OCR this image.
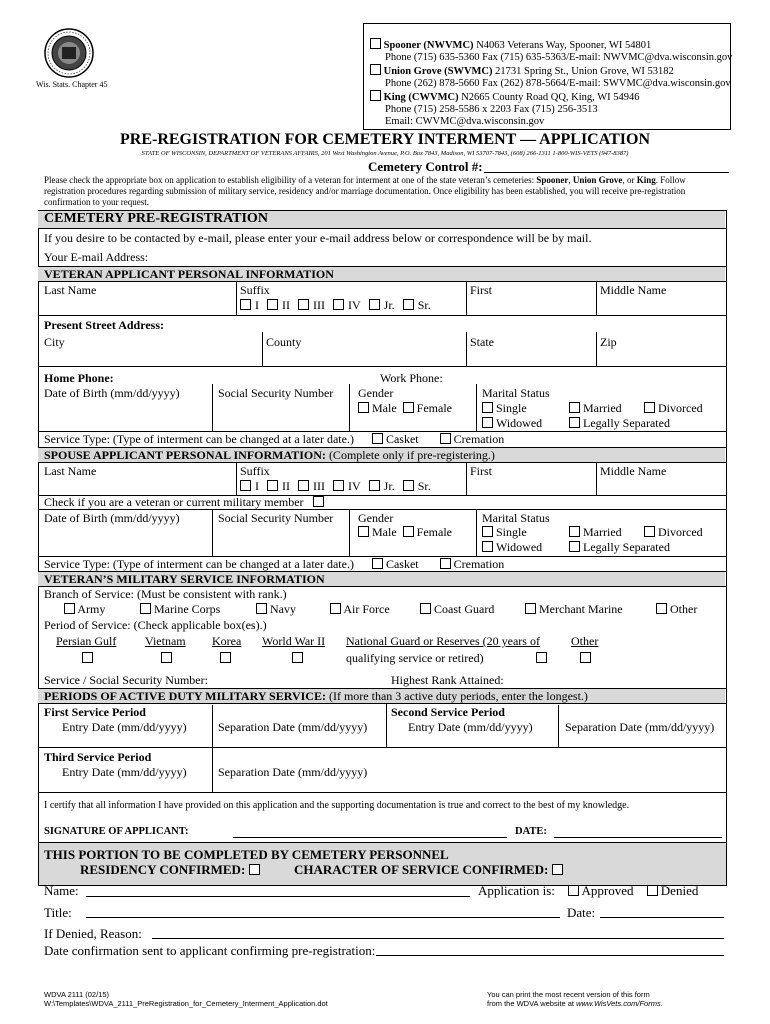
Wis. Stats. Chapter 45
Spooner (NWVMC) N4063 Veterans Way, Spooner, WI 54801
Phone (715) 635-5360 Fax (715) 635-5363/E-mail: NWVMC@dva.wisconsin.gov
Union Grove (SWVMC) 21731 Spring St., Union Grove, WI 53182
Phone (262) 878-5660 Fax (262) 878-5664/E-mail: SWVMC@dva.wisconsin.gov
King (CWVMC) N2665 County Road QQ, King, WI 54946
Phone (715) 258-5586 x 2203 Fax (715) 256-3513
Email: CWVMC@dva.wisconsin.gov
PRE-REGISTRATION FOR CEMETERY INTERMENT — APPLICATION
STATE OF WISCONSIN, DEPARTMENT OF VETERANS AFFAIRS, 201 West Washington Avenue, P.O. Box 7843, Madison, WI 53707-7843, (608) 266-1311 1-800-WIS-VETS (947-8387)
Cemetery Control #:
Please check the appropriate box on application to establish eligibility of a veteran for interment at one of the state veteran’s cemeteries: Spooner, Union Grove, or King. Follow registration procedures regarding submission of military service, residency and/or marriage documentation. Once eligibility has been established, you will receive pre-registration confirmation to your request.
CEMETERY PRE-REGISTRATION
If you desire to be contacted by e-mail, please enter your e-mail address below or correspondence will be by mail.
Your E-mail Address:
VETERAN APPLICANT PERSONAL INFORMATION
Last Name	Suffix	First	Middle Name
I II III IV Jr. Sr.
Present Street Address:
City	County	State	Zip
Home Phone:	Work Phone:
Date of Birth (mm/dd/yyyy)	Social Security Number Gender
Male Female
Marital Status
Single	Married	Divorced
Widowed	Legally Separated
Service Type: (Type of interment can be changed at a later date.)	Casket	Cremation
SPOUSE APPLICANT PERSONAL INFORMATION: (Complete only if pre-registering.)
Last Name	Suffix	First	Middle Name
I II III IV Jr. Sr.
Check if you are a veteran or current military member
Date of Birth (mm/dd/yyyy)	Social Security Number Gender
Male Female
Marital Status
Single	Married	Divorced
Widowed	Legally Separated
Service Type: (Type of interment can be changed at a later date.)	Casket	Cremation
VETERAN’S MILITARY SERVICE INFORMATION
Branch of Service: (Must be consistent with rank.)
Army	Marine Corps	Navy	Air Force	Coast Guard	Merchant Marine	Other
Period of Service: (Check applicable box(es).)
Persian Gulf Vietnam Korea World War II National Guard or Reserves (20 years of	Other
qualifying service or retired)
Service / Social Security Number:	Highest Rank Attained:
PERIODS OF ACTIVE DUTY MILITARY SERVICE: (If more than 3 active duty periods, enter the longest.)
First Service Period
Entry Date (mm/dd/yyyy)	Separation Date (mm/dd/yyyy)
Second Service Period
Entry Date (mm/dd/yyyy)	Separation Date (mm/dd/yyyy)
Third Service Period
Entry Date (mm/dd/yyyy)	Separation Date (mm/dd/yyyy)
I certify that all information I have provided on this application and the supporting documentation is true and correct to the best of my knowledge.
SIGNATURE OF APPLICANT:	DATE:
THIS PORTION TO BE COMPLETED BY CEMETERY PERSONNEL
RESIDENCY CONFIRMED:	CHARACTER OF SERVICE CONFIRMED:
Name:	Application is:	Approved Denied
Title:	Date:
If Denied, Reason:
Date confirmation sent to applicant confirming pre-registration:
WDVA 2111 (02/15)
W:\Templates\WDVA_2111_PreRegistration_for_Cemetery_Interment_Application.dot
You can print the most recent version of this form
from the WDVA website at www.WisVets.com/Forms.
